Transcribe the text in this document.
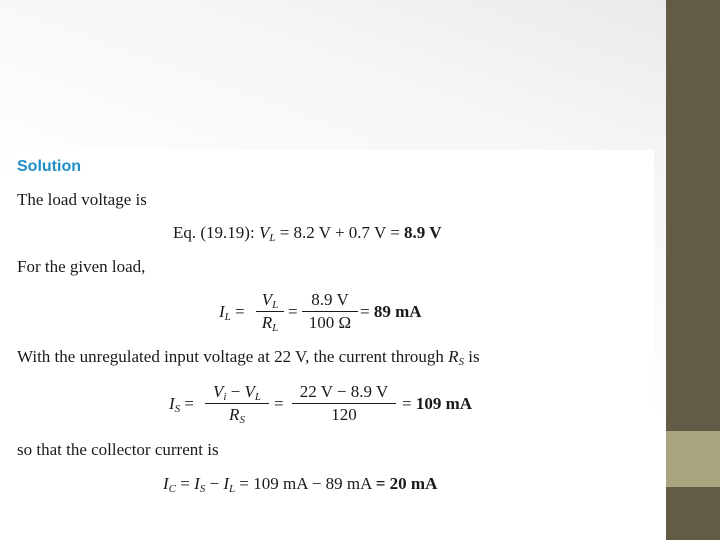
Solution
The load voltage is
Eq. (19.19): $V_L = 8.2$ V + 0.7 V = 8.9 V
For the given load,
$I_L$ =
$V_L$
$R_L$
=
8.9 V
100 Ω
= 89 mA
With the unregulated input voltage at 22 V, the current through $R_S$ is
$I_S$ =
$V_i - V_L$
$R_S$
=
22 V − 8.9 V
120
= 109 mA
so that the collector current is
$I_C = I_S - I_L = 109$ mA − 89 mA = 20 mA
